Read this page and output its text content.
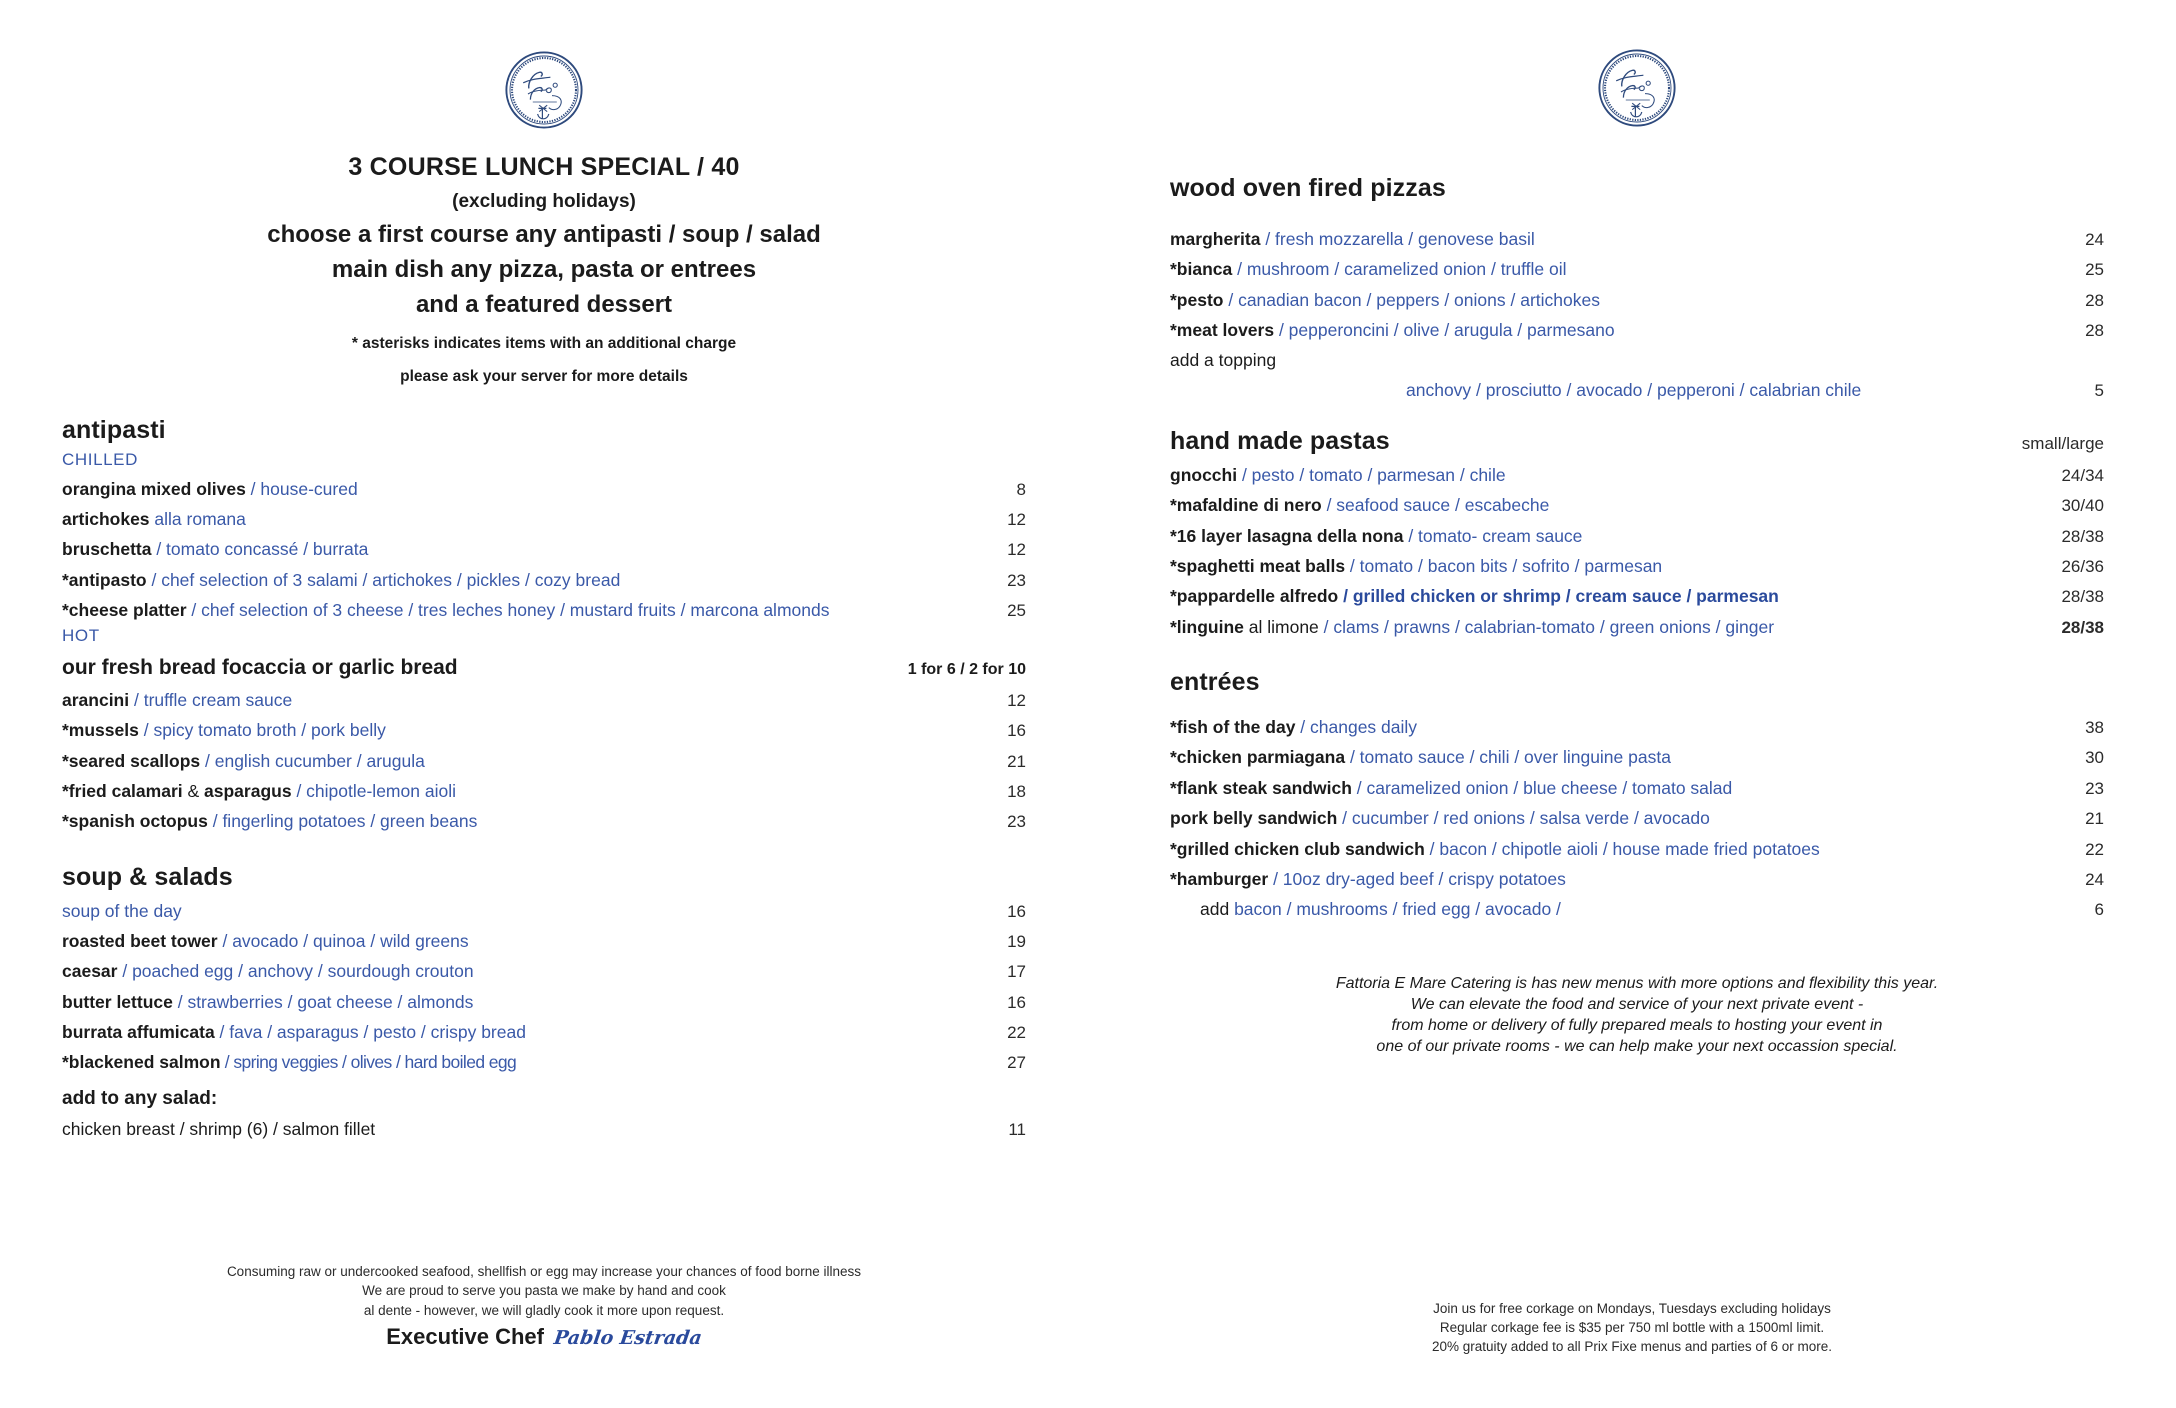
3 COURSE LUNCH SPECIAL / 40
(excluding holidays)
choose a first course any antipasti / soup / salad
main dish any pizza, pasta or entrees
and a featured dessert
* asterisks indicates items with an additional charge
please ask your server for more details
antipasti
CHILLED
orangina mixed olives / house-cured	8
artichokes alla romana	12
bruschetta / tomato concassé / burrata	12
*antipasto / chef selection of 3 salami / artichokes / pickles / cozy bread	23
*cheese platter / chef selection of 3 cheese / tres leches honey / mustard fruits / marcona almonds	25
HOT
our fresh bread focaccia or garlic bread	1 for 6 / 2 for 10
arancini / truffle cream sauce	12
*mussels / spicy tomato broth / pork belly	16
*seared scallops / english cucumber / arugula	21
*fried calamari & asparagus / chipotle-lemon aioli	18
*spanish octopus / fingerling potatoes / green beans	23
soup & salads
soup of the day	16
roasted beet tower / avocado / quinoa / wild greens	19
caesar / poached egg / anchovy / sourdough crouton	17
butter lettuce / strawberries / goat cheese / almonds	16
burrata affumicata / fava / asparagus / pesto / crispy bread	22
*blackened salmon / spring veggies / olives / hard boiled egg	27
add to any salad:
chicken breast / shrimp (6) / salmon fillet	11
Consuming raw or undercooked seafood, shellfish or egg may increase your chances of food borne illness
We are proud to serve you pasta we make by hand and cook
al dente - however, we will gladly cook it more upon request.
Executive Chef Pablo Estrada
wood oven fired pizzas
margherita / fresh mozzarella / genovese basil	24
*bianca / mushroom / caramelized onion / truffle oil	25
*pesto / canadian bacon / peppers / onions / artichokes	28
*meat lovers / pepperoncini / olive / arugula / parmesano	28
add a topping
anchovy / prosciutto / avocado / pepperoni / calabrian chile	5
hand made pastas	small/large
gnocchi / pesto / tomato / parmesan / chile	24/34
*mafaldine di nero / seafood sauce / escabeche	30/40
*16 layer lasagna della nona / tomato- cream sauce	28/38
*spaghetti meat balls / tomato / bacon bits / sofrito / parmesan	26/36
*pappardelle alfredo / grilled chicken or shrimp / cream sauce / parmesan	28/38
*linguine al limone / clams / prawns / calabrian-tomato / green onions / ginger	28/38
entrées
*fish of the day / changes daily	38
*chicken parmiagana / tomato sauce / chili / over linguine pasta	30
*flank steak sandwich / caramelized onion / blue cheese / tomato salad	23
pork belly sandwich / cucumber / red onions / salsa verde / avocado	21
*grilled chicken club sandwich / bacon / chipotle aioli / house made fried potatoes	22
*hamburger / 10oz dry-aged beef / crispy potatoes	24
add bacon / mushrooms / fried egg / avocado /	6
Fattoria E Mare Catering is has new menus with more options and flexibility this year.
We can elevate the food and service of your next private event -
from home or delivery of fully prepared meals to hosting your event in
one of our private rooms - we can help make your next occassion special.
Join us for free corkage on Mondays, Tuesdays excluding holidays
Regular corkage fee is $35 per 750 ml bottle with a 1500ml limit.
20% gratuity added to all Prix Fixe menus and parties of 6 or more.
